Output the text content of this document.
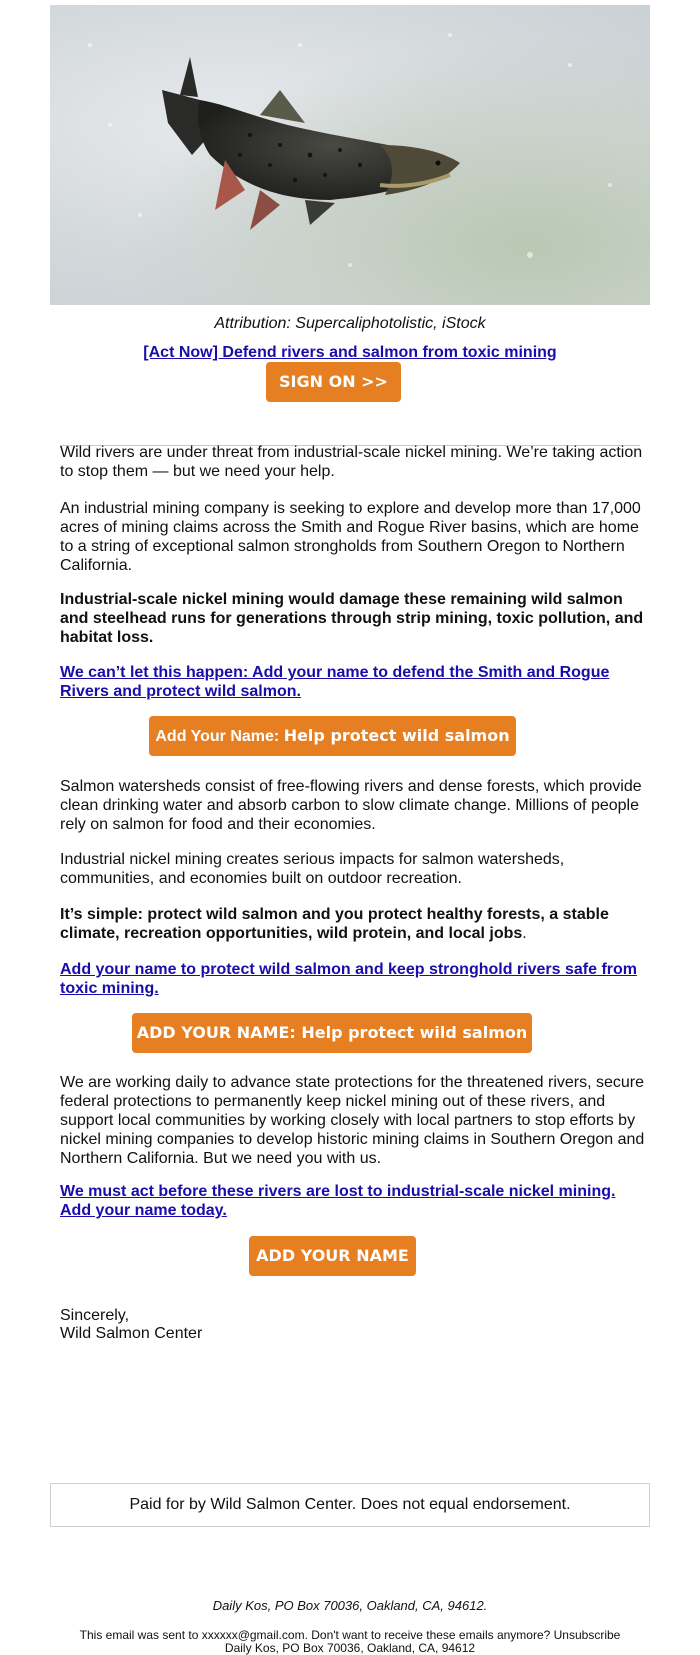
Attribution: Supercaliphotolistic, iStock
[Act Now] Defend rivers and salmon from toxic mining
SIGN ON >>
Wild rivers are under threat from industrial-scale nickel mining. We’re taking action to stop them — but we need your help.
An industrial mining company is seeking to explore and develop more than 17,000 acres of mining claims across the Smith and Rogue River basins, which are home to a string of exceptional salmon strongholds from Southern Oregon to Northern California.
Industrial-scale nickel mining would damage these remaining wild salmon and steelhead runs for generations through strip mining, toxic pollution, and habitat loss.
We can’t let this happen: Add your name to defend the Smith and Rogue Rivers and protect wild salmon.
Add Your Name: Help protect wild salmon
Salmon watersheds consist of free-flowing rivers and dense forests, which provide clean drinking water and absorb carbon to slow climate change. Millions of people rely on salmon for food and their economies.
Industrial nickel mining creates serious impacts for salmon watersheds, communities, and economies built on outdoor recreation.
It’s simple: protect wild salmon and you protect healthy forests, a stable climate, recreation opportunities, wild protein, and local jobs.
Add your name to protect wild salmon and keep stronghold rivers safe from toxic mining.
ADD YOUR NAME: Help protect wild salmon
We are working daily to advance state protections for the threatened rivers, secure federal protections to permanently keep nickel mining out of these rivers, and support local communities by working closely with local partners to stop efforts by nickel mining companies to develop historic mining claims in Southern Oregon and Northern California. But we need you with us.
We must act before these rivers are lost to industrial-scale nickel mining. Add your name today.
ADD YOUR NAME
Sincerely,
Wild Salmon Center
Paid for by Wild Salmon Center. Does not equal endorsement.
Daily Kos, PO Box 70036, Oakland, CA, 94612.
This email was sent to xxxxxx@gmail.com. Don't want to receive these emails anymore? Unsubscribe
Daily Kos, PO Box 70036, Oakland, CA, 94612
